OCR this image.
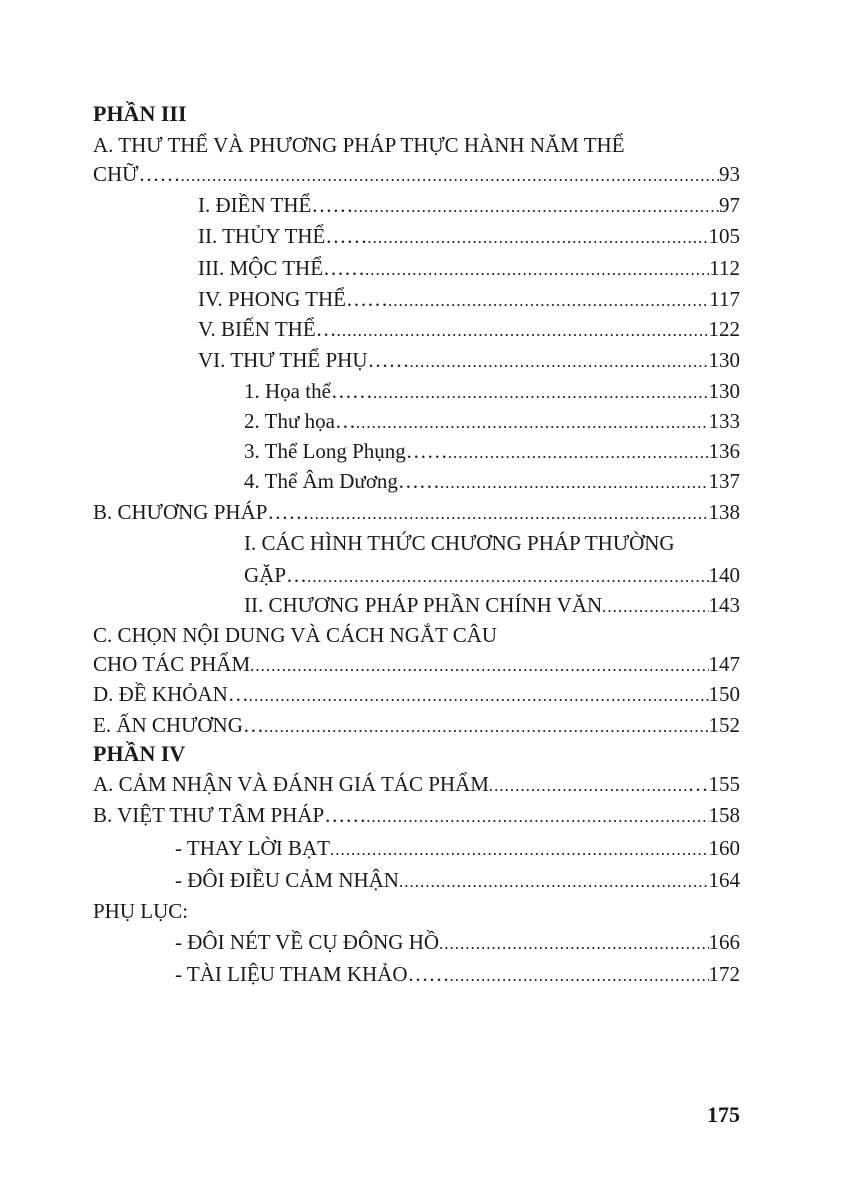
PHẦN III
A. THƯ THỂ VÀ PHƯƠNG PHÁP THỰC HÀNH NĂM THỂ
CHỮ…… .....	93
I. ĐIỀN THỂ…… .....	97
II. THỦY THỂ…… .....	105
III. MỘC THỂ…… .....	112
IV. PHONG THỂ…… .....	117
V. BIẾN THỂ… .....	122
VI. THƯ THỂ PHỤ…… .....	130
1. Họa thể…… .....	130
2. Thư họa… .....	133
3. Thể Long Phụng…… .....	136
4. Thể Âm Dương…… .....	137
B. CHƯƠNG PHÁP…… .....	138
I. CÁC HÌNH THỨC CHƯƠNG PHÁP THƯỜNG
GẶP… .....	140
II. CHƯƠNG PHÁP PHẦN CHÍNH VĂN .....	143
C. CHỌN NỘI DUNG VÀ CÁCH NGẮT CÂU
CHO TÁC PHẨM .....	147
D. ĐỀ KHỎAN… .....	150
E. ẤN CHƯƠNG… .....	152
PHẦN IV
A. CẢM NHẬN VÀ ĐÁNH GIÁ TÁC PHẨM .....	…155
B. VIỆT THƯ TÂM PHÁP…… .....	158
- THAY LỜI BẠT .....	160
- ĐÔI ĐIỀU CẢM NHẬN .....	164
PHỤ LỤC:
- ĐÔI NÉT VỀ CỤ ĐÔNG HỒ .....	166
- TÀI LIỆU THAM KHẢO…… .....	172
175
